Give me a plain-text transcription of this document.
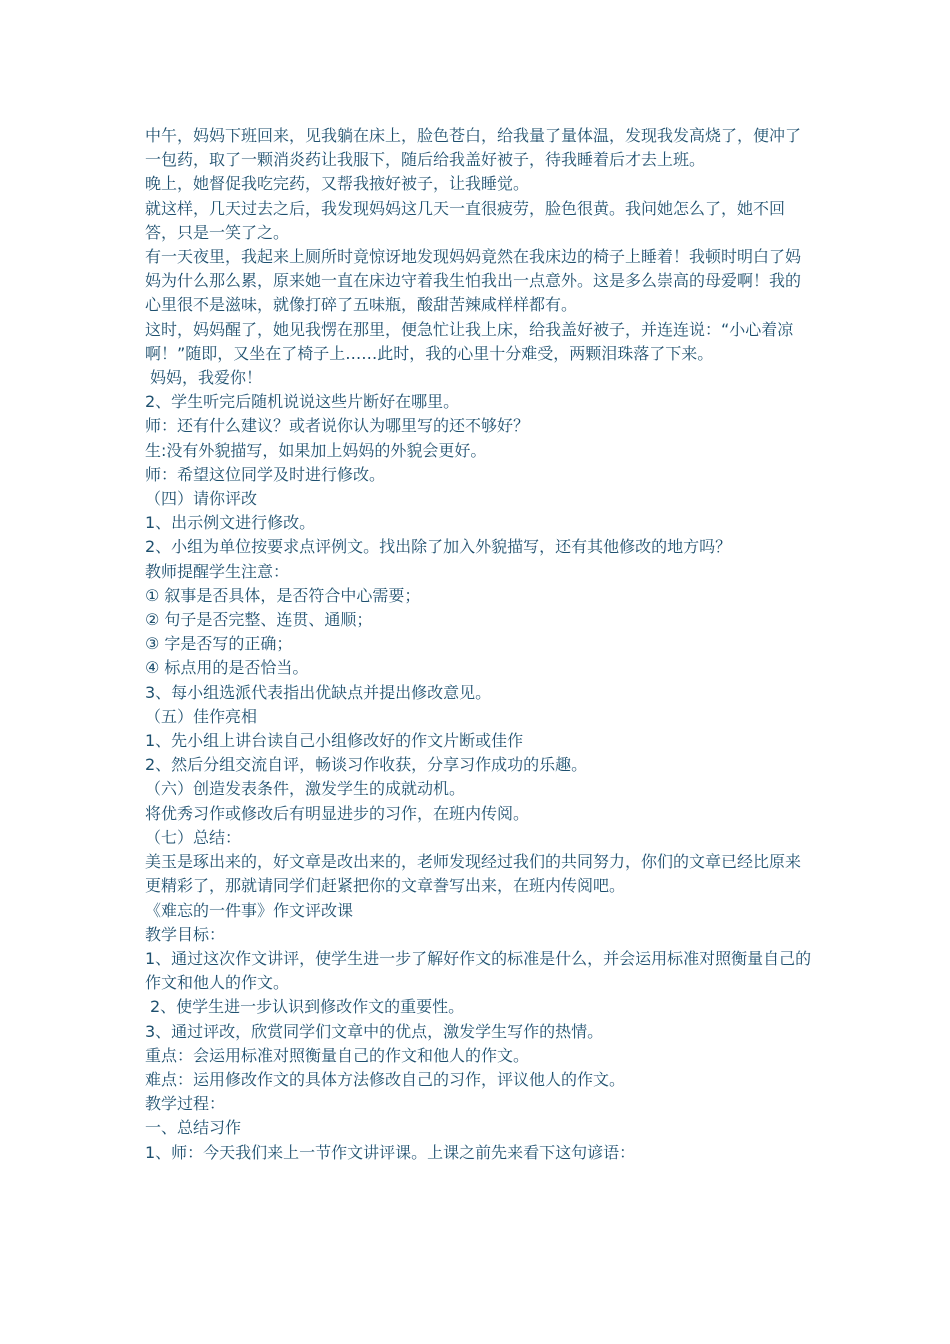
中午，妈妈下班回来，见我躺在床上，脸色苍白，给我量了量体温，发现我发高烧了，便冲了一包药，取了一颗消炎药让我服下，随后给我盖好被子，待我睡着后才去上班。

晚上，她督促我吃完药，又帮我掖好被子，让我睡觉。

就这样，几天过去之后，我发现妈妈这几天一直很疲劳，脸色很黄。我问她怎么了，她不回答，只是一笑了之。

有一天夜里，我起来上厕所时竟惊讶地发现妈妈竟然在我床边的椅子上睡着！我顿时明白了妈妈为什么那么累，原来她一直在床边守着我生怕我出一点意外。这是多么崇高的母爱啊！我的心里很不是滋味，就像打碎了五味瓶，酸甜苦辣咸样样都有。

这时，妈妈醒了，她见我愣在那里，便急忙让我上床，给我盖好被子，并连连说：“小心着凉啊！”随即，又坐在了椅子上……此时，我的心里十分难受，两颗泪珠落了下来。

妈妈，我爱你！

2、学生听完后随机说说这些片断好在哪里。

师：还有什么建议？或者说你认为哪里写的还不够好？

生:没有外貌描写，如果加上妈妈的外貌会更好。

师：希望这位同学及时进行修改。

（四）请你评改

1、出示例文进行修改。

2、小组为单位按要求点评例文。找出除了加入外貌描写，还有其他修改的地方吗？

教师提醒学生注意：

① 叙事是否具体，是否符合中心需要；

② 句子是否完整、连贯、通顺；

③ 字是否写的正确；

④ 标点用的是否恰当。

3、每小组选派代表指出优缺点并提出修改意见。

（五）佳作亮相

1、先小组上讲台读自己小组修改好的作文片断或佳作

2、然后分组交流自评，畅谈习作收获，分享习作成功的乐趣。

（六）创造发表条件，激发学生的成就动机。

将优秀习作或修改后有明显进步的习作，在班内传阅。

（七）总结：

美玉是琢出来的，好文章是改出来的，老师发现经过我们的共同努力，你们的文章已经比原来更精彩了，那就请同学们赶紧把你的文章誊写出来，在班内传阅吧。

《难忘的一件事》作文评改课

教学目标：

1、通过这次作文讲评，使学生进一步了解好作文的标准是什么，并会运用标准对照衡量自己的作文和他人的作文。

2、使学生进一步认识到修改作文的重要性。

3、通过评改，欣赏同学们文章中的优点，激发学生写作的热情。

重点：会运用标准对照衡量自己的作文和他人的作文。

难点：运用修改作文的具体方法修改自己的习作，评议他人的作文。

教学过程：

一、总结习作

1、师：今天我们来上一节作文讲评课。上课之前先来看下这句谚语：
